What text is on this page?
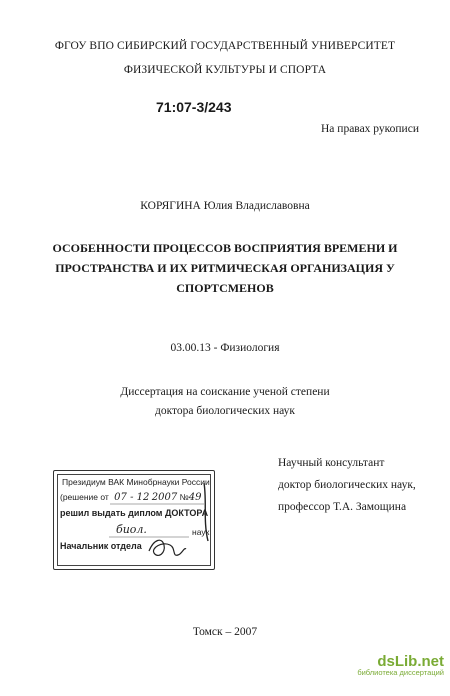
ФГОУ ВПО СИБИРСКИЙ ГОСУДАРСТВЕННЫЙ УНИВЕРСИТЕТ
ФИЗИЧЕСКОЙ КУЛЬТУРЫ И СПОРТА
71:07-3/243
На правах рукописи
КОРЯГИНА Юлия Владиславовна
ОСОБЕННОСТИ ПРОЦЕССОВ ВОСПРИЯТИЯ ВРЕМЕНИ И
ПРОСТРАНСТВА И ИХ РИТМИЧЕСКАЯ ОРГАНИЗАЦИЯ У
СПОРТСМЕНОВ
03.00.13 - Физиология
Диссертация на соискание ученой степени
доктора биологических наук
Научный консультант
доктор биологических наук,
профессор Т.А. Замощина
Президиум ВАК Минобрнауки России
(решение от 07 - 12 2007 №49
решил выдать диплом ДОКТОРА
биол.	наук
Начальник отдела
Томск – 2007
dsLib.net
библиотека диссертаций
